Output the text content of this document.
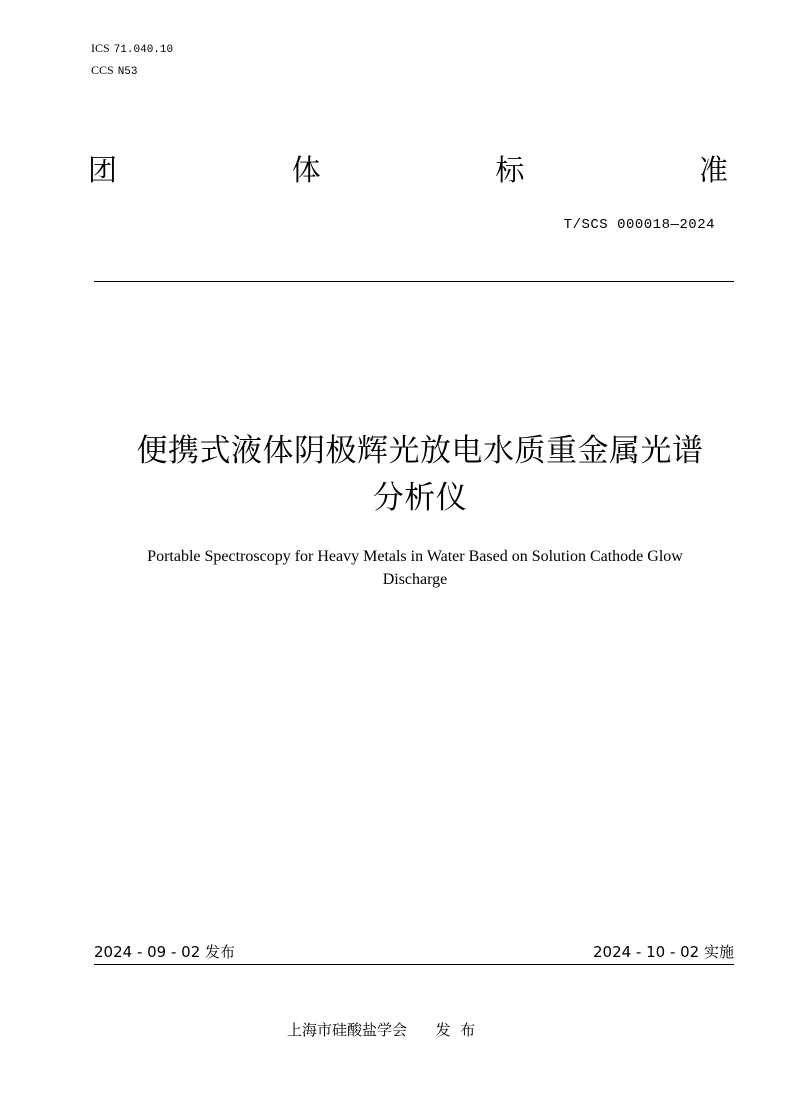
ICS 71.040.10
CCS N53
团	体	标	准
T/SCS 000018—2024
便携式液体阴极辉光放电水质重金属光谱
分析仪
Portable Spectroscopy for Heavy Metals in Water Based on Solution Cathode Glow
Discharge
2024 - 09 - 02 发布	2024 - 10 - 02 实施
上海市硅酸盐学会 发  布
